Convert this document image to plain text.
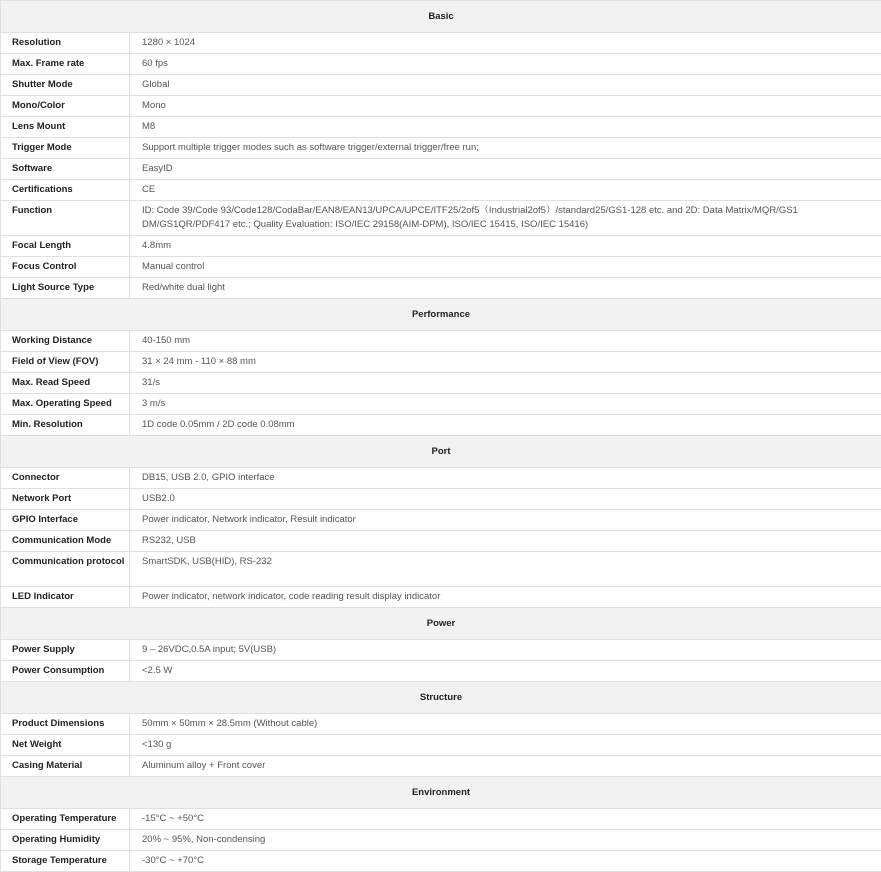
Basic	
Resolution	1280 × 1024
Max. Frame rate	60 fps
Shutter Mode	Global
Mono/Color	Mono
Lens Mount	M8
Trigger Mode	Support multiple trigger modes such as software trigger/external trigger/free run;
Software	EasyID
Certifications	CE
Function	ID: Code 39/Code 93/Code128/CodaBar/EAN8/EAN13/UPCA/UPCE/ITF25/2of5（Industrial2of5）/standard25/GS1-128 etc. and 2D: Data Matrix/MQR/GS1 DM/GS1QR/PDF417 etc.; Quality Evaluation: ISO/IEC 29158(AIM-DPM), ISO/IEC 15415, ISO/IEC 15416)
Focal Length	4.8mm
Focus Control	Manual control
Light Source Type	Red/white dual light
Performance	
Working Distance	40-150 mm
Field of View (FOV)	31 × 24 mm - 110 × 88 mm
Max. Read Speed	31/s
Max. Operating Speed	3 m/s
Min. Resolution	1D code 0.05mm / 2D code 0.08mm
Port	
Connector	DB15, USB 2.0, GPIO interface
Network Port	USB2.0
GPIO Interface	Power indicator, Network indicator, Result indicator
Communication Mode	RS232, USB
Communication protocol	SmartSDK, USB(HID), RS-232
LED Indicator	Power indicator, network indicator, code reading result display indicator
Power	
Power Supply	9 – 26VDC,0.5A input; 5V(USB)
Power Consumption	<2.5 W
Structure	
Product Dimensions	50mm × 50mm × 28.5mm (Without cable)
Net Weight	<130 g
Casing Material	Aluminum alloy + Front cover
Environment	
Operating Temperature	-15°C ~ +50°C
Operating Humidity	20% ~ 95%, Non-condensing
Storage Temperature	-30°C ~ +70°C
